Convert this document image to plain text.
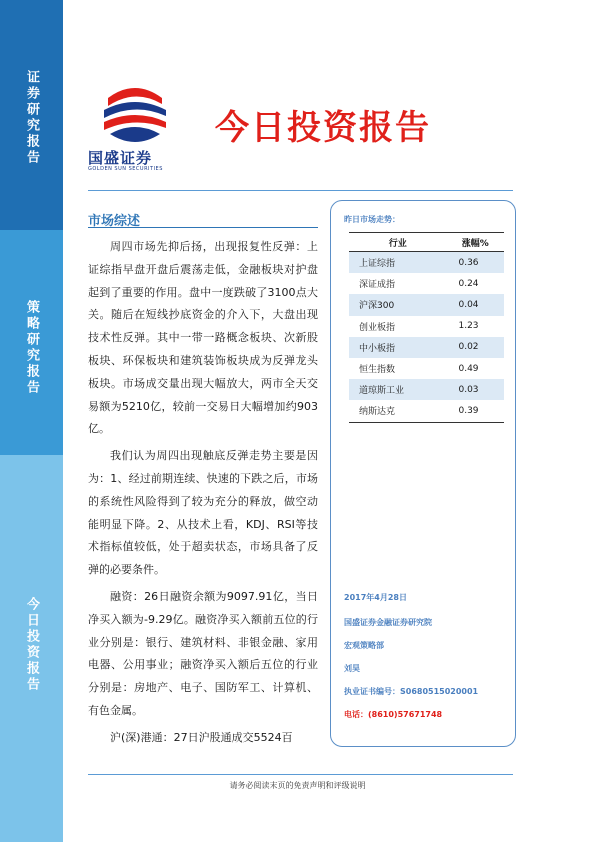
证券研究报告
策略研究报告
今日投资报告
国盛证券
GOLDEN SUN SECURITIES
今日投资报告
市场综述

周四市场先抑后扬，出现报复性反弹：上证综指早盘开盘后震荡走低，金融板块对护盘起到了重要的作用。盘中一度跌破了3100点大关。随后在短线抄底资金的介入下，大盘出现技术性反弹。其中一带一路概念板块、次新股板块、环保板块和建筑装饰板块成为反弹龙头板块。市场成交量出现大幅放大，两市全天交易额为5210亿，较前一交易日大幅增加约903亿。

我们认为周四出现触底反弹走势主要是因为：1、经过前期连续、快速的下跌之后，市场的系统性风险得到了较为充分的释放，做空动能明显下降。2、从技术上看，KDJ、RSI等技术指标值较低，处于超卖状态，市场具备了反弹的必要条件。

融资：26日融资余额为9097.91亿，当日净买入额为-9.29亿。融资净买入额前五位的行业分别是：银行、建筑材料、非银金融、家用电器、公用事业；融资净买入额后五位的行业分别是：房地产、电子、国防军工、计算机、有色金属。

沪(深)港通：27日沪股通成交5524百

昨日市场走势：
行业	涨幅%
上证综指	0.36
深证成指	0.24
沪深300	0.04
创业板指	1.23
中小板指	0.02
恒生指数	0.49
道琼斯工业	0.03
纳斯达克	0.39
2017年4月28日
国盛证券金融证券研究院
宏观策略部
刘昊
执业证书编号：S0680515020001
电话：(8610)57671748
请务必阅读末页的免责声明和评级说明
